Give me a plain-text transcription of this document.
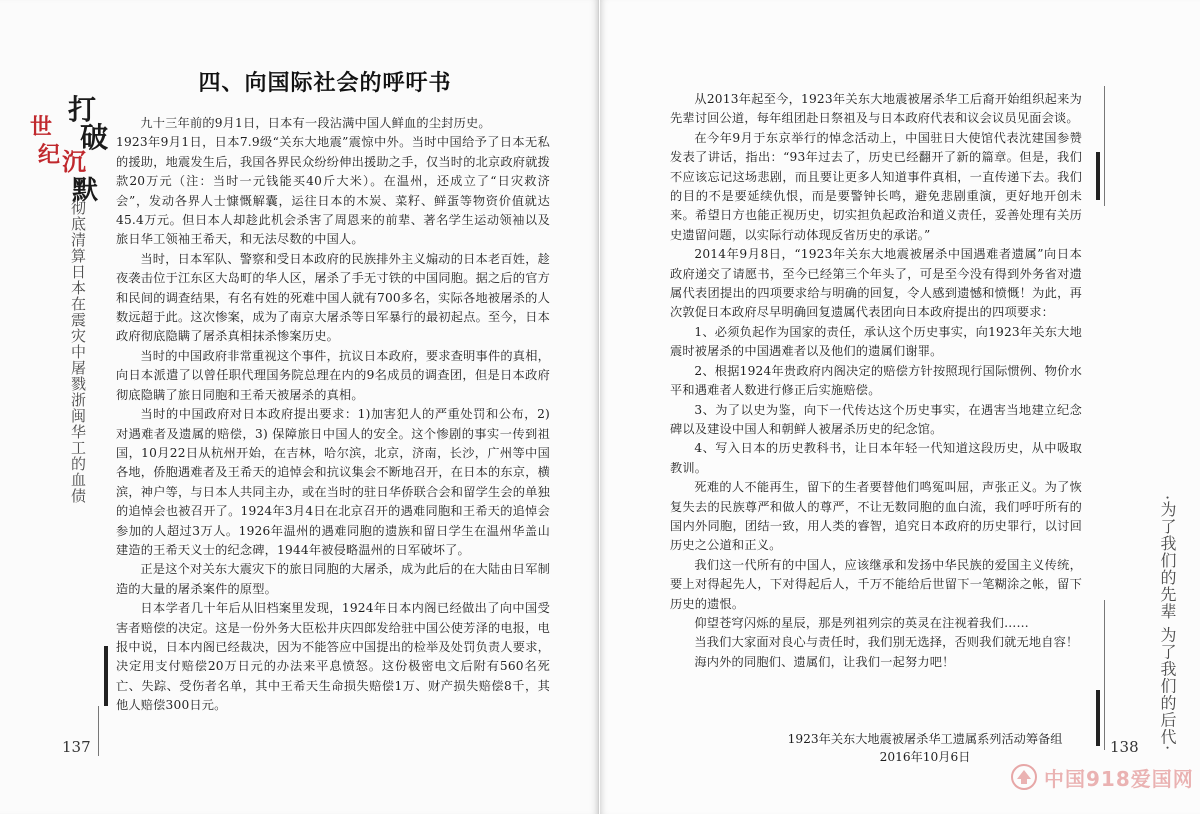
打
破
世
纪 沉
默
彻底清算日本在震灾中屠戮浙闽华工的血债
四、向国际社会的呼吁书

九十三年前的9月1日，日本有一段沾满中国人鲜血的尘封历史。

1923年9月1日，日本7.9级“关东大地震”震惊中外。当时中国给予了日本无私的援助，地震发生后，我国各界民众纷纷伸出援助之手，仅当时的北京政府就拨款20万元（注：当时一元钱能买40斤大米）。在温州，还成立了“日灾救济会”，发动各界人士慷慨解囊，运往日本的木炭、菜籽、鲜蛋等物资价值就达45.4万元。但日本人却趁此机会杀害了周恩来的前辈、著名学生运动领袖以及旅日华工领袖王希天，和无法尽数的中国人。

当时，日本军队、警察和受日本政府的民族排外主义煽动的日本老百姓，趁夜袭击位于江东区大岛町的华人区，屠杀了手无寸铁的中国同胞。据之后的官方和民间的调查结果，有名有姓的死难中国人就有700多名，实际各地被屠杀的人数远超于此。这次惨案，成为了南京大屠杀等日军暴行的最初起点。至今，日本政府彻底隐瞒了屠杀真相抹杀惨案历史。

当时的中国政府非常重视这个事件，抗议日本政府，要求查明事件的真相，向日本派遣了以曾任职代理国务院总理在内的9名成员的调查团，但是日本政府彻底隐瞒了旅日同胞和王希天被屠杀的真相。

当时的中国政府对日本政府提出要求：1)加害犯人的严重处罚和公布，2)对遇难者及遗属的赔偿，3) 保障旅日中国人的安全。这个惨剧的事实一传到祖国，10月22日从杭州开始，在吉林，哈尔滨，北京，济南，长沙，广州等中国各地，侨胞遇难者及王希天的追悼会和抗议集会不断地召开，在日本的东京，横滨，神户等，与日本人共同主办，或在当时的驻日华侨联合会和留学生会的单独的追悼会也被召开了。1924年3月4日在北京召开的遇难同胞和王希天的追悼会参加的人超过3万人。1926年温州的遇难同胞的遗族和留日学生在温州华盖山建造的王希天义士的纪念碑，1944年被侵略温州的日军破坏了。

正是这个对关东大震灾下的旅日同胞的大屠杀，成为此后的在大陆由日军制造的大量的屠杀案件的原型。

日本学者几十年后从旧档案里发现，1924年日本内阁已经做出了向中国受害者赔偿的决定。这是一份外务大臣松井庆四郎发给驻中国公使芳泽的电报，电报中说，日本内阁已经裁决，因为不能答应中国提出的检举及处罚负责人要求，决定用支付赔偿20万日元的办法来平息愤怒。这份极密电文后附有560名死亡、失踪、受伤者名单，其中王希天生命损失赔偿1万、财产损失赔偿8千，其他人赔偿300日元。

137

从2013年起至今，1923年关东大地震被屠杀华工后裔开始组织起来为先辈讨回公道，每年组团赴日祭祖及与日本政府代表和议会议员见面会谈。

在今年9月于东京举行的悼念活动上，中国驻日大使馆代表沈建国参赞发表了讲话，指出：“93年过去了，历史已经翻开了新的篇章。但是，我们不应该忘记这场悲剧，而且要让更多人知道事件真相，一直传递下去。我们的目的不是要延续仇恨，而是要警钟长鸣，避免悲剧重演，更好地开创未来。希望日方也能正视历史，切实担负起政治和道义责任，妥善处理有关历史遗留问题，以实际行动体现反省历史的承诺。”

2014年9月8日，“1923年关东大地震被屠杀中国遇难者遗属”向日本政府递交了请愿书，至今已经第三个年头了，可是至今没有得到外务省对遗属代表团提出的四项要求给与明确的回复，令人感到遗憾和愤慨！为此，再次敦促日本政府尽早明确回复遗属代表团向日本政府提出的四项要求：

1、必须负起作为国家的责任，承认这个历史事实，向1923年关东大地震时被屠杀的中国遇难者以及他们的遗属们谢罪。

2、根据1924年贵政府内阁决定的赔偿方针按照现行国际惯例、物价水平和遇难者人数进行修正后实施赔偿。

3、为了以史为鉴，向下一代传达这个历史事实，在遇害当地建立纪念碑以及建设中国人和朝鲜人被屠杀历史的纪念馆。

4、写入日本的历史教科书，让日本年轻一代知道这段历史，从中吸取教训。

死难的人不能再生，留下的生者要替他们鸣冤叫屈，声张正义。为了恢复失去的民族尊严和做人的尊严，不让无数同胞的血白流，我们呼吁所有的国内外同胞，团结一致，用人类的睿智，追究日本政府的历史罪行，以讨回历史之公道和正义。

我们这一代所有的中国人，应该继承和发扬中华民族的爱国主义传统，要上对得起先人，下对得起后人，千万不能给后世留下一笔糊涂之帐，留下历史的遗恨。

仰望苍穹闪烁的星辰，那是列祖列宗的英灵在注视着我们……

当我们大家面对良心与责任时，我们别无选择，否则我们就无地自容！

海内外的同胞们、遗属们，让我们一起努力吧！

1923年关东大地震被屠杀华工遗属系列活动筹备组
2016年10月6日
·为了我们的先辈 为了我们的后代·
138
中国918爱国网
